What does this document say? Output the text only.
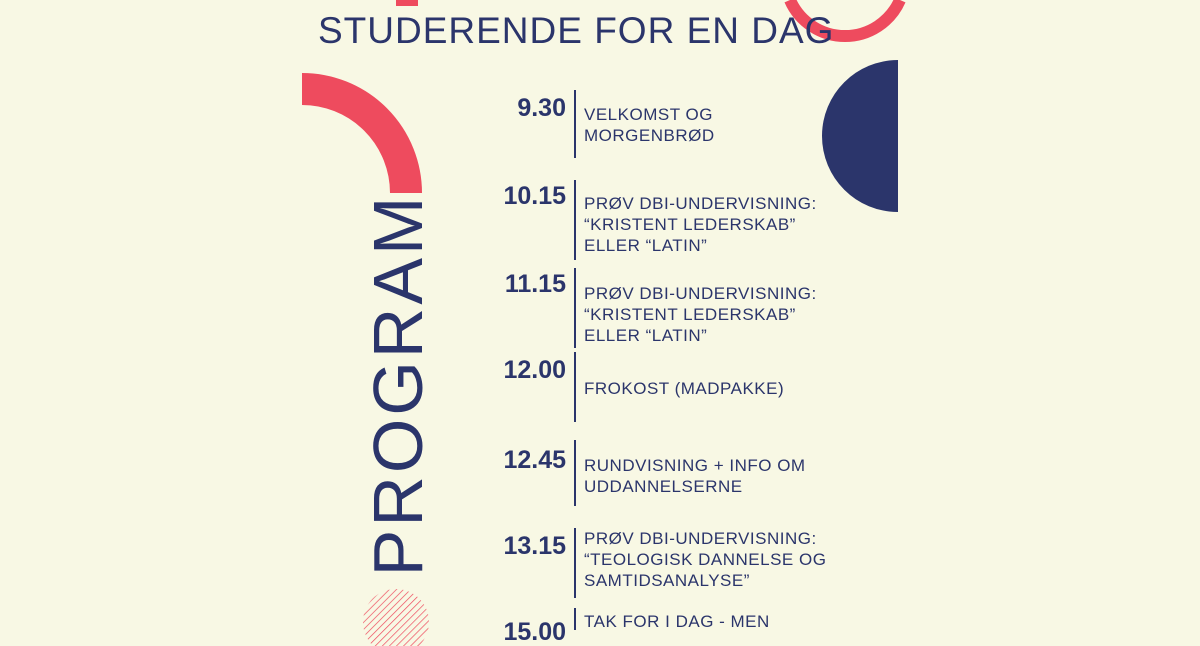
STUDERENDE FOR EN DAG
PROGRAM
9.30 VELKOMST OG
MORGENBRØD
10.15 PRØV DBI-UNDERVISNING:
“KRISTENT LEDERSKAB”
ELLER “LATIN”
11.15 PRØV DBI-UNDERVISNING:
“KRISTENT LEDERSKAB”
ELLER “LATIN”
12.00
FROKOST (MADPAKKE)
12.45 RUNDVISNING + INFO OM
UDDANNELSERNE
13.15 PRØV DBI-UNDERVISNING:
“TEOLOGISK DANNELSE OG
SAMTIDSANALYSE”
15.00 TAK FOR I DAG - MEN
